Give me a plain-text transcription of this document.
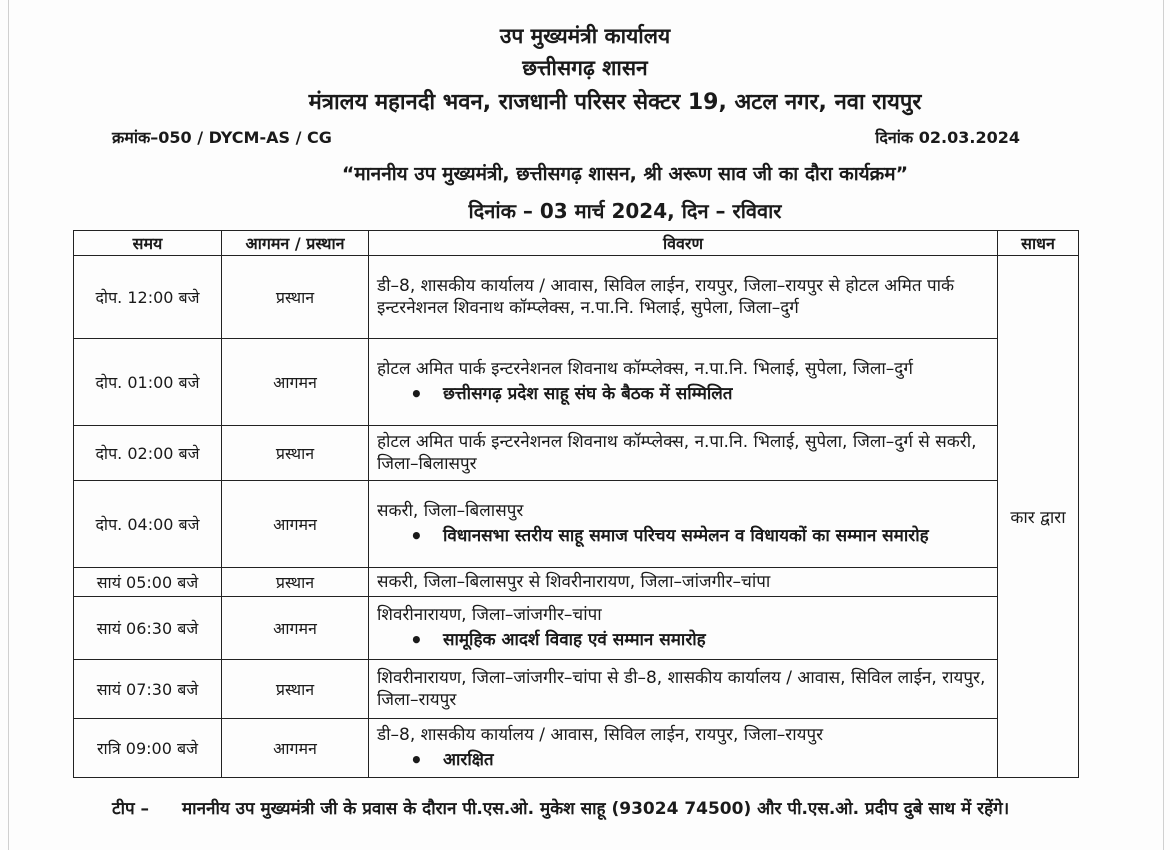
उप मुख्यमंत्री कार्यालय
छत्तीसगढ़ शासन
मंत्रालय महानदी भवन, राजधानी परिसर सेक्टर 19, अटल नगर, नवा रायपुर
क्रमांक–050 / DYCM-AS / CG	दिनांक 02.03.2024
“माननीय उप मुख्यमंत्री, छत्तीसगढ़ शासन, श्री अरूण साव जी का दौरा कार्यक्रम”
दिनांक – 03 मार्च 2024, दिन – रविवार
समय	आगमन / प्रस्थान	विवरण	साधन
दोप. 12:00 बजे	प्रस्थान	डी–8, शासकीय कार्यालय / आवास, सिविल लाईन, रायपुर, जिला–रायपुर से होटल अमित पार्क इन्टरनेशनल शिवनाथ कॉम्प्लेक्स, न.पा.नि. भिलाई, सुपेला, जिला–दुर्ग	कार द्वारा
दोप. 01:00 बजे	आगमन	होटल अमित पार्क इन्टरनेशनल शिवनाथ कॉम्प्लेक्स, न.पा.नि. भिलाई, सुपेला, जिला–दुर्ग
• छत्तीसगढ़ प्रदेश साहू संघ के बैठक में सम्मिलित

दोप. 02:00 बजे	प्रस्थान	होटल अमित पार्क इन्टरनेशनल शिवनाथ कॉम्प्लेक्स, न.पा.नि. भिलाई, सुपेला, जिला–दुर्ग से सकरी, जिला–बिलासपुर	
दोप. 04:00 बजे	आगमन	सकरी, जिला–बिलासपुर
• विधानसभा स्तरीय साहू समाज परिचय सम्मेलन व विधायकों का सम्मान समारोह

सायं 05:00 बजे	प्रस्थान	सकरी, जिला–बिलासपुर से शिवरीनारायण, जिला–जांजगीर–चांपा	
सायं 06:30 बजे	आगमन	शिवरीनारायण, जिला–जांजगीर–चांपा
• सामूहिक आदर्श विवाह एवं सम्मान समारोह

सायं 07:30 बजे	प्रस्थान	शिवरीनारायण, जिला–जांजगीर–चांपा से डी–8, शासकीय कार्यालय / आवास, सिविल लाईन, रायपुर, जिला–रायपुर	
रात्रि 09:00 बजे	आगमन	डी–8, शासकीय कार्यालय / आवास, सिविल लाईन, रायपुर, जिला–रायपुर
• आरक्षित
टीप –	माननीय उप मुख्यमंत्री जी के प्रवास के दौरान पी.एस.ओ. मुकेश साहू (93024 74500) और पी.एस.ओ. प्रदीप दुबे साथ में रहेंगे।
